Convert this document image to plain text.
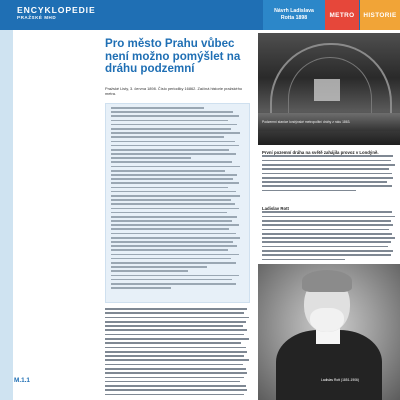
ENCYKLOPEDIE
PRAŽSKÉ MHD
Návrh Ladislava
Rotta 1898	METRO	HISTORIE
Pro město Prahu vůbec není možno pomýšlet na dráhu podzemní

Pražské Listy, 3. června 1898. Číslo periodiky 16862. Začíná historie pražského metra.

Podzemní stanice londýnské metropolitní dráhy z roku 1863.
První pozemní dráha na světě zahájila provoz v Londýně.
Ladislav Rott
Ladislav Rott (1851-1906)
M.1.1
